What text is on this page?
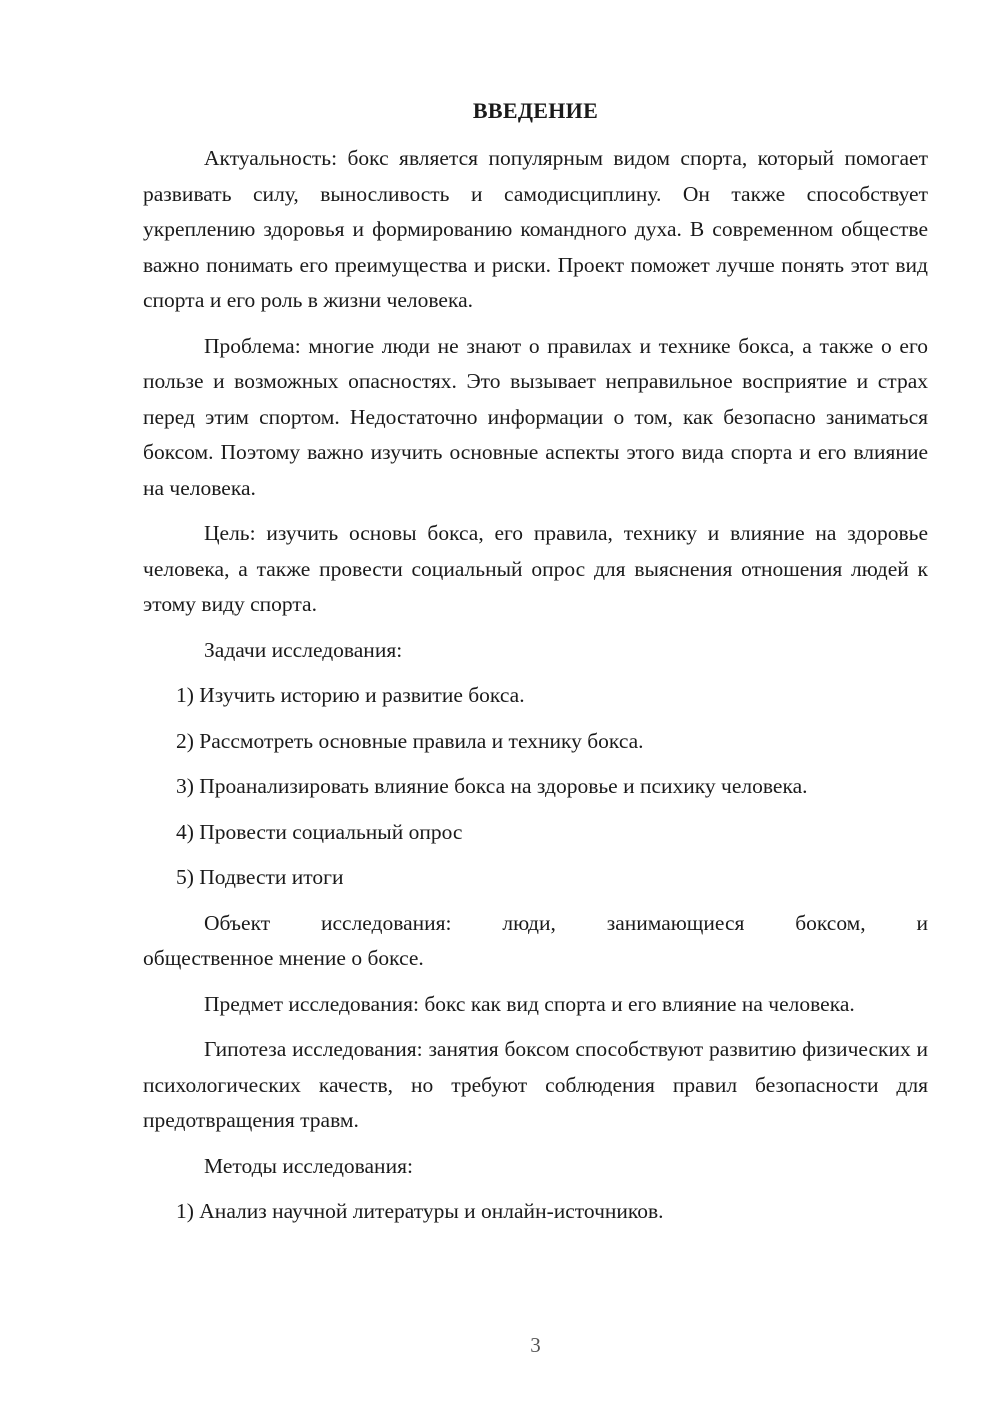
ВВЕДЕНИЕ

Актуальность: бокс является популярным видом спорта, который помогает развивать силу, выносливость и самодисциплину. Он также способствует укреплению здоровья и формированию командного духа. В современном обществе важно понимать его преимущества и риски. Проект поможет лучше понять этот вид спорта и его роль в жизни человека.

Проблема: многие люди не знают о правилах и технике бокса, а также о его пользе и возможных опасностях. Это вызывает неправильное восприятие и страх перед этим спортом. Недостаточно информации о том, как безопасно заниматься боксом. Поэтому важно изучить основные аспекты этого вида спорта и его влияние на человека.

Цель: изучить основы бокса, его правила, технику и влияние на здоровье человека, а также провести социальный опрос для выяснения отношения людей к этому виду спорта.

Задачи исследования:

1) Изучить историю и развитие бокса.

2) Рассмотреть основные правила и технику бокса.

3) Проанализировать влияние бокса на здоровье и психику человека.

4) Провести социальный опрос

5) Подвести итоги

Объект исследования: люди, занимающиеся боксом, и
общественное мнение о боксе.

Предмет исследования: бокс как вид спорта и его влияние на человека.

Гипотеза исследования: занятия боксом способствуют развитию физических и психологических качеств, но требуют соблюдения правил безопасности для предотвращения травм.

Методы исследования:

1) Анализ научной литературы и онлайн-источников.

3
